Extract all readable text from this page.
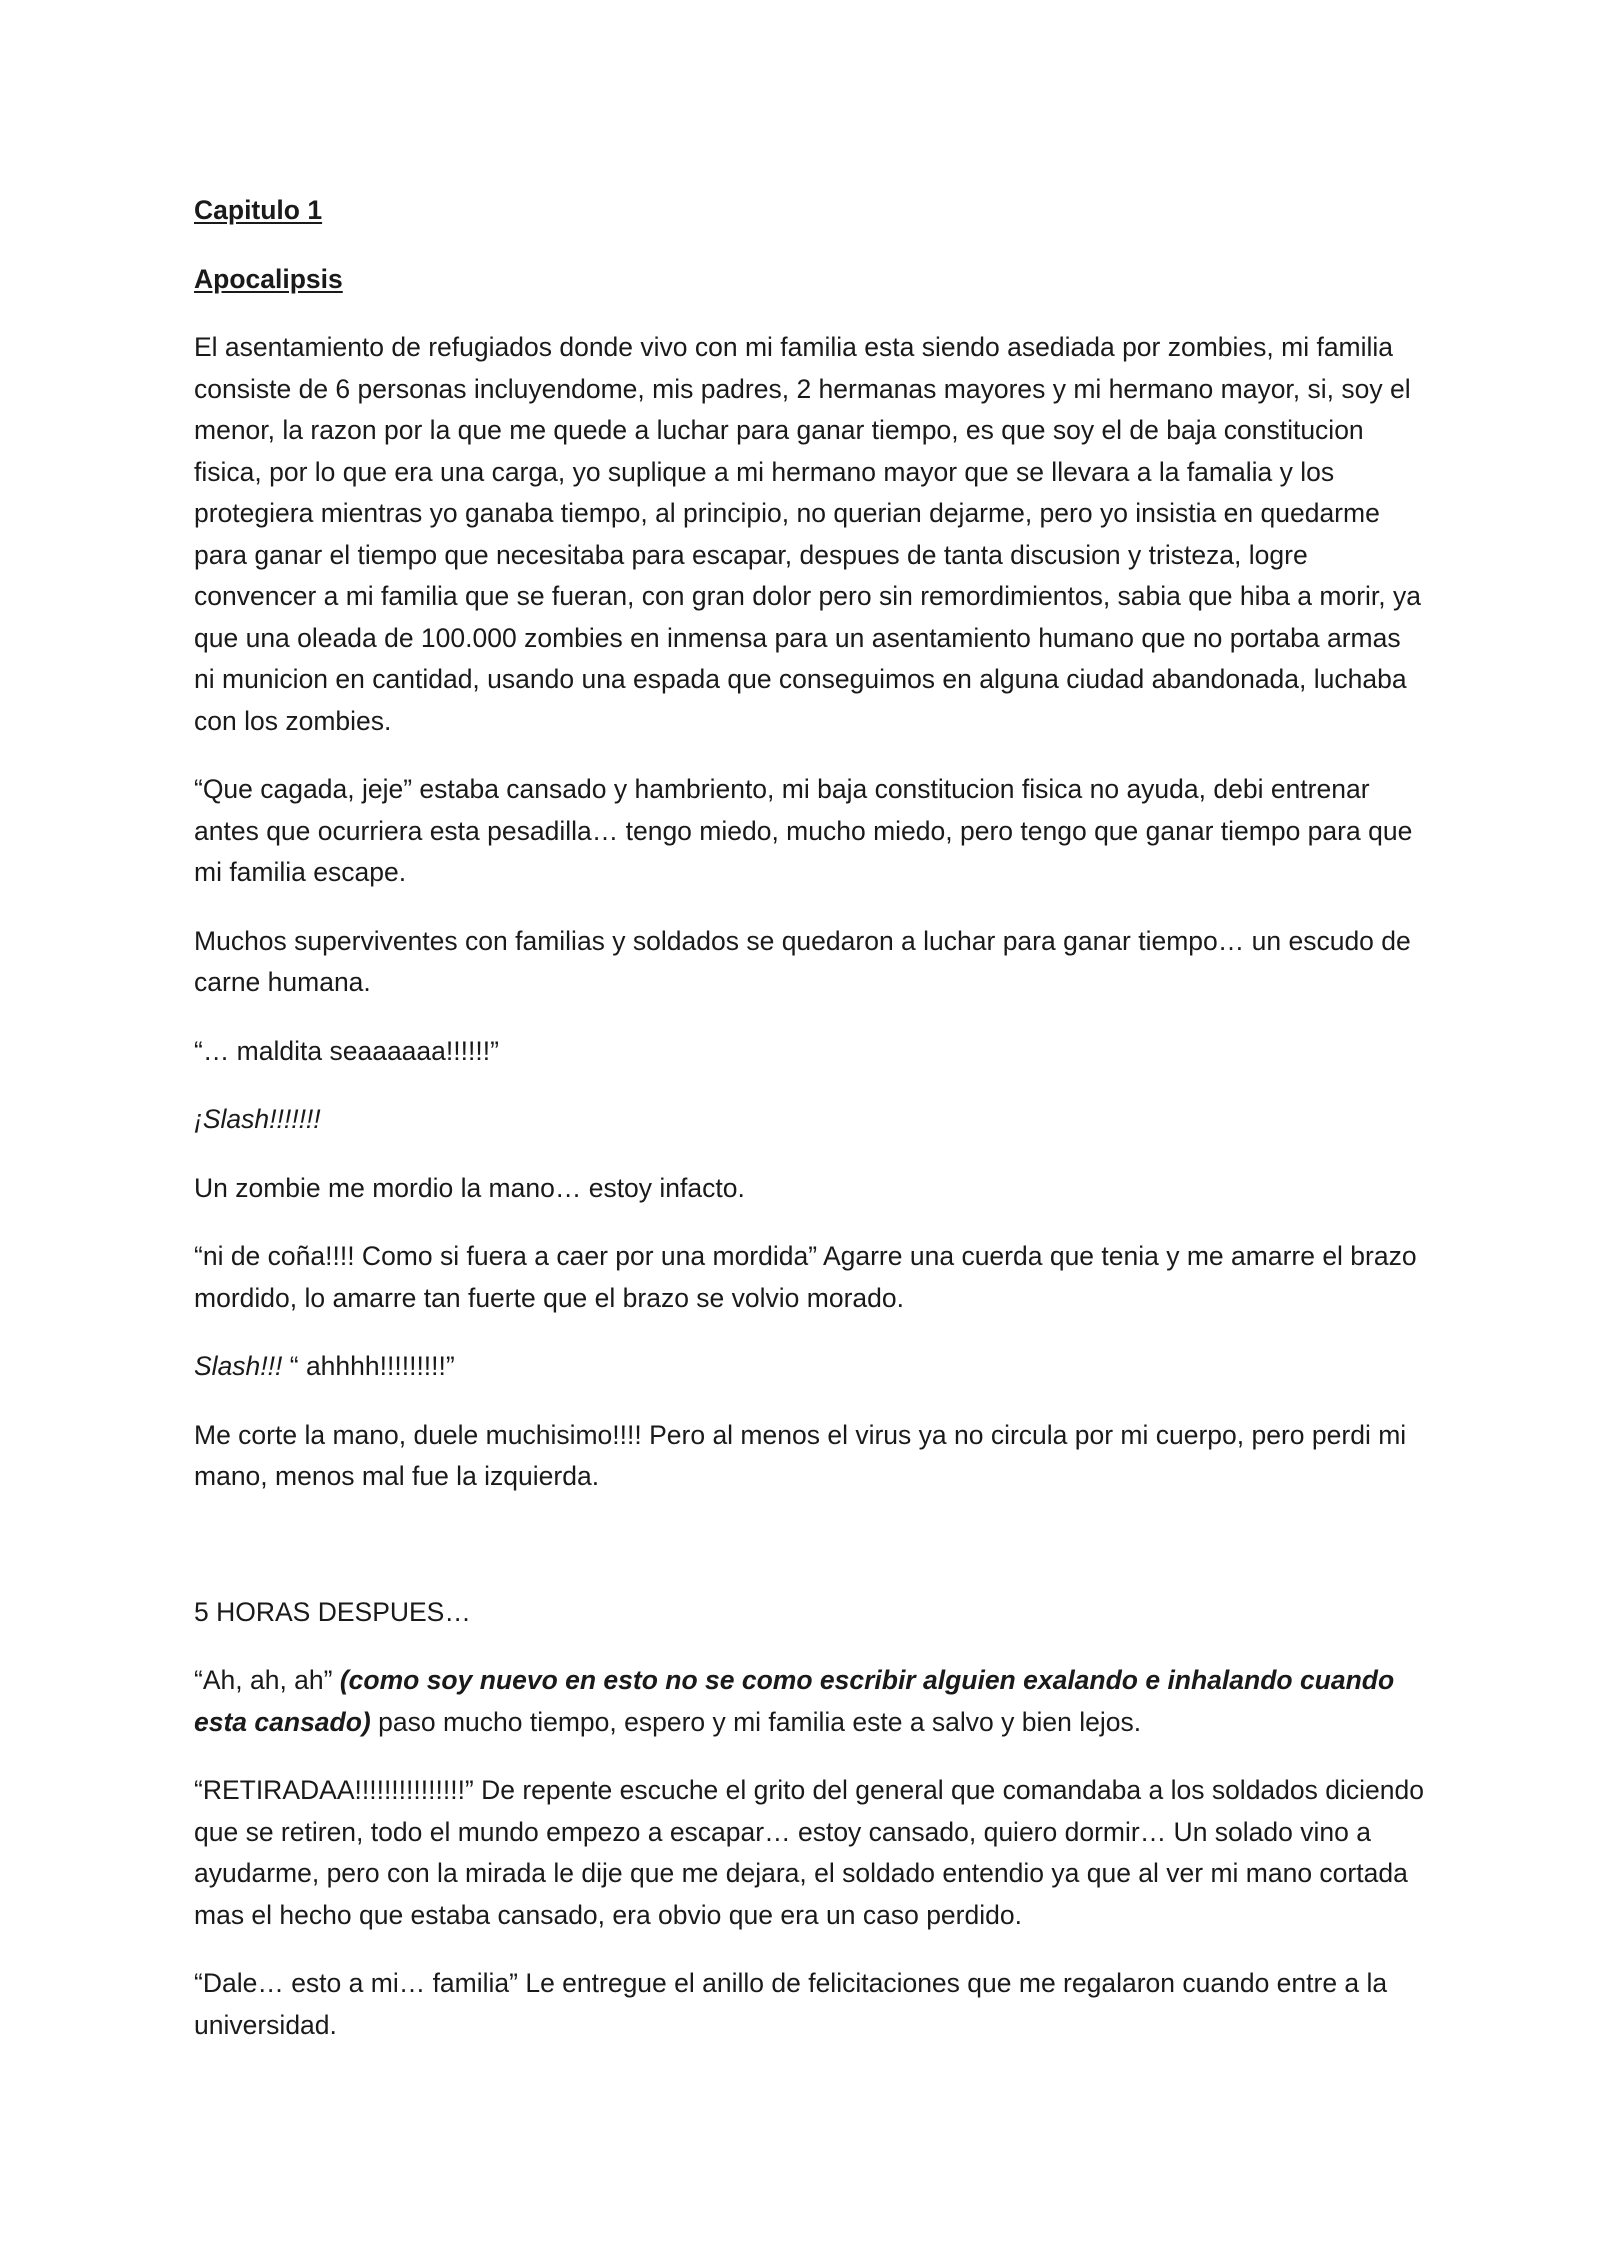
Capitulo 1
Apocalipsis

El asentamiento de refugiados donde vivo con mi familia esta siendo asediada por zombies, mi familia consiste de 6 personas incluyendome, mis padres, 2 hermanas mayores y mi hermano mayor, si, soy el menor, la razon por la que me quede a luchar para ganar tiempo, es que soy el de baja constitucion fisica, por lo que era una carga, yo suplique a mi hermano mayor que se llevara a la famalia y los protegiera mientras yo ganaba tiempo, al principio, no querian dejarme, pero yo insistia en quedarme para ganar el tiempo que necesitaba para escapar, despues de tanta discusion y tristeza, logre convencer a mi familia que se fueran, con gran dolor pero sin remordimientos, sabia que hiba a morir, ya que una oleada de 100.000 zombies en inmensa para un asentamiento humano que no portaba armas ni municion en cantidad, usando una espada que conseguimos en alguna ciudad abandonada, luchaba con los zombies.

“Que cagada, jeje” estaba cansado y hambriento, mi baja constitucion fisica no ayuda, debi entrenar antes que ocurriera esta pesadilla… tengo miedo, mucho miedo, pero tengo que ganar tiempo para que mi familia escape.

Muchos superviventes con familias y soldados se quedaron a luchar para ganar tiempo… un escudo de carne humana.

“… maldita seaaaaaa!!!!!!”

¡Slash!!!!!!!

Un zombie me mordio la mano… estoy infacto.

“ni de coña!!!! Como si fuera a caer por una mordida” Agarre una cuerda que tenia y me amarre el brazo mordido, lo amarre tan fuerte que el brazo se volvio morado.

Slash!!! “ ahhhh!!!!!!!!!”

Me corte la mano, duele muchisimo!!!! Pero al menos el virus ya no circula por mi cuerpo, pero perdi mi mano, menos mal fue la izquierda.

5 HORAS DESPUES…

“Ah, ah, ah” (como soy nuevo en esto no se como escribir alguien exalando e inhalando cuando esta cansado) paso mucho tiempo, espero y mi familia este a salvo y bien lejos.

“RETIRADAA!!!!!!!!!!!!!!!” De repente escuche el grito del general que comandaba a los soldados diciendo que se retiren, todo el mundo empezo a escapar… estoy cansado, quiero dormir… Un solado vino a ayudarme, pero con la mirada le dije que me dejara, el soldado entendio ya que al ver mi mano cortada mas el hecho que estaba cansado, era obvio que era un caso perdido.

“Dale… esto a mi… familia” Le entregue el anillo de felicitaciones que me regalaron cuando entre a la universidad.
